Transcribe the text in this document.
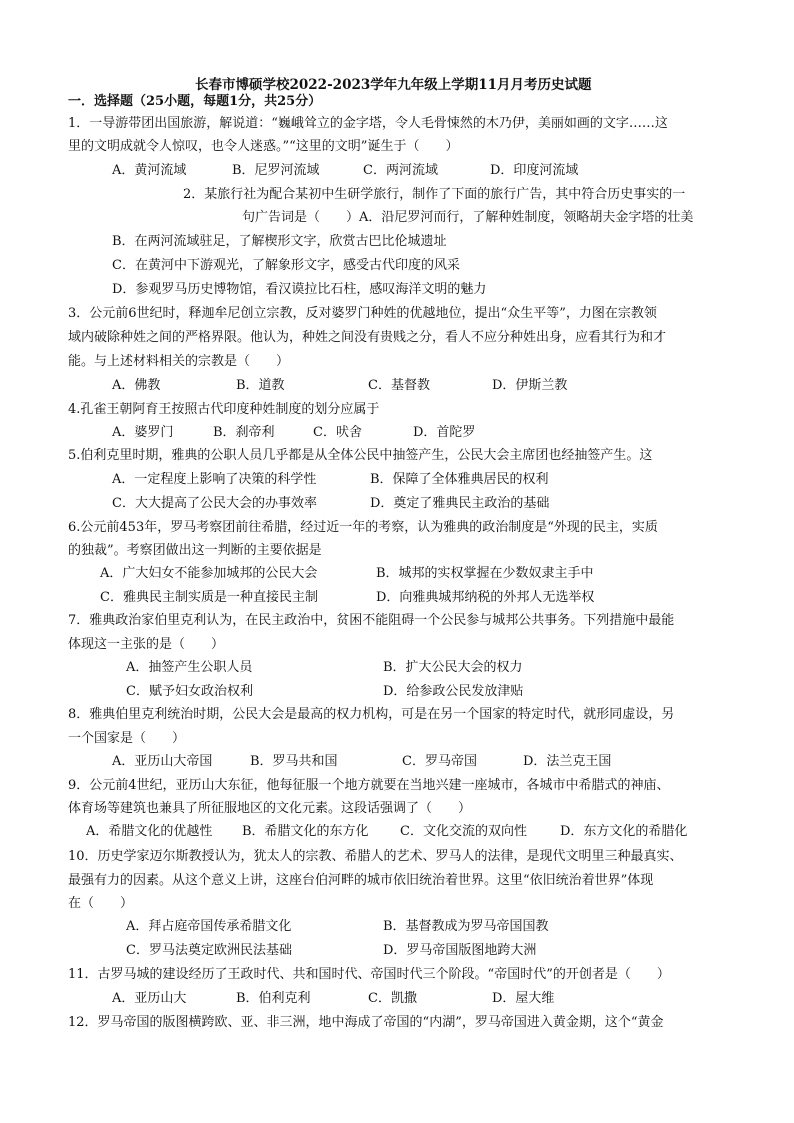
长春市博硕学校2022-2023学年九年级上学期11月月考历史试题
一．选择题（25小题，每题1分，共25分）
1．一导游带团出国旅游，解说道：“巍峨耸立的金字塔，令人毛骨悚然的木乃伊，美丽如画的文字……这
里的文明成就令人惊叹，也令人迷惑。”“这里的文明”诞生于（　　）
A．黄河流域	B．尼罗河流域	C．两河流域	D．印度河流域
2．某旅行社为配合某初中生研学旅行，制作了下面的旅行广告，其中符合历史事实的一
句广告词是（　　）A．沿尼罗河而行，了解种姓制度，领略胡夫金字塔的壮美
B．在两河流域驻足，了解楔形文字，欣赏古巴比伦城遗址
C．在黄河中下游观光，了解象形文字，感受古代印度的风采
D．参观罗马历史博物馆，看汉谟拉比石柱，感叹海洋文明的魅力
3．公元前6世纪时，释迦牟尼创立宗教，反对婆罗门种姓的优越地位，提出“众生平等”，力图在宗教领
域内破除种姓之间的严格界限。他认为，种姓之间没有贵贱之分，看人不应分种姓出身，应看其行为和才
能。与上述材料相关的宗教是（　　）
A．佛教	B．道教	C．基督教	D．伊斯兰教
4.孔雀王朝阿育王按照古代印度种姓制度的划分应属于
A．婆罗门	B．刹帝利	C．吠舍	D．首陀罗
5.伯利克里时期，雅典的公职人员几乎都是从全体公民中抽签产生，公民大会主席团也经抽签产生。这
A．一定程度上影响了决策的科学性	B．保障了全体雅典居民的权利
C．大大提高了公民大会的办事效率	D．奠定了雅典民主政治的基础
6.公元前453年，罗马考察团前往希腊，经过近一年的考察，认为雅典的政治制度是“外现的民主，实质
的独裁”。考察团做出这一判断的主要依据是
A．广大妇女不能参加城邦的公民大会	B．城邦的实权掌握在少数奴隶主手中
C．雅典民主制实质是一种直接民主制	D．向雅典城邦纳税的外邦人无选举权
7．雅典政治家伯里克利认为，在民主政治中，贫困不能阻碍一个公民参与城邦公共事务。下列措施中最能
体现这一主张的是（　　）
A．抽签产生公职人员	B．扩大公民大会的权力
C．赋予妇女政治权利	D．给参政公民发放津贴
8．雅典伯里克利统治时期，公民大会是最高的权力机构，可是在另一个国家的特定时代，就形同虚设，另
一个国家是（　　）
A．亚历山大帝国	B．罗马共和国	C．罗马帝国	D．法兰克王国
9．公元前4世纪，亚历山大东征，他每征服一个地方就要在当地兴建一座城市，各城市中希腊式的神庙、
体育场等建筑也兼具了所征服地区的文化元素。这段话强调了（　　）
A．希腊文化的优越性 B．希腊文化的东方化 C．文化交流的双向性	D．东方文化的希腊化
10．历史学家迈尔斯教授认为，犹太人的宗教、希腊人的艺术、罗马人的法律，是现代文明里三种最真实、
最强有力的因素。从这个意义上讲，这座台伯河畔的城市依旧统治着世界。这里“依旧统治着世界”体现
在（　　）
A．拜占庭帝国传承希腊文化	B．基督教成为罗马帝国国教
C．罗马法奠定欧洲民法基础	D．罗马帝国版图地跨大洲
11．古罗马城的建设经历了王政时代、共和国时代、帝国时代三个阶段。“帝国时代”的开创者是（　　）
A．亚历山大	B．伯利克利	C．凯撒	D．屋大维
12．罗马帝国的版图横跨欧、亚、非三洲，地中海成了帝国的“内湖”，罗马帝国进入黄金期，这个“黄金
